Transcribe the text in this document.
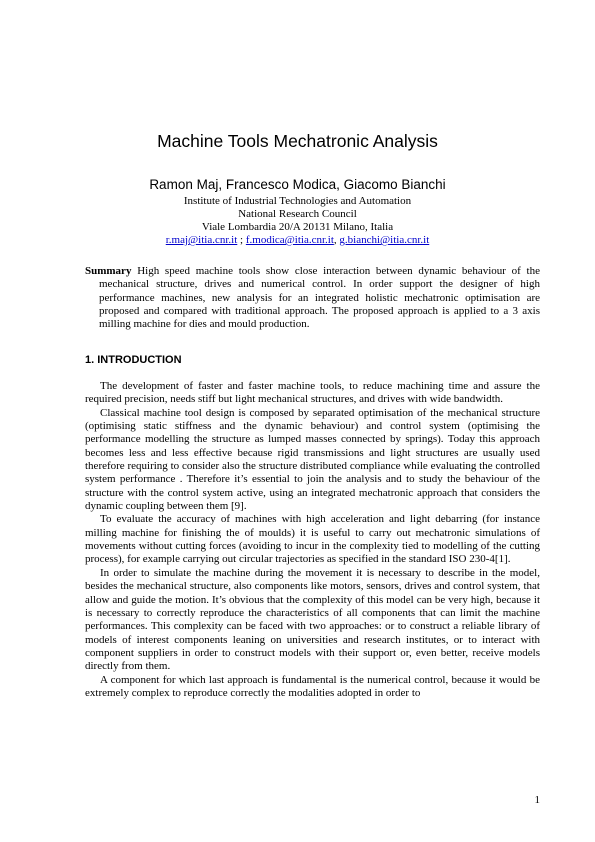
Machine Tools Mechatronic Analysis
Ramon Maj, Francesco Modica, Giacomo Bianchi
Institute of Industrial Technologies and Automation
National Research Council
Viale Lombardia 20/A 20131 Milano, Italia
r.maj@itia.cnr.it ; f.modica@itia.cnr.it, g.bianchi@itia.cnr.it
Summary High speed machine tools show close interaction between dynamic behaviour of the mechanical structure, drives and numerical control. In order support the designer of high performance machines, new analysis for an integrated holistic mechatronic optimisation are proposed and compared with traditional approach. The proposed approach is applied to a 3 axis milling machine for dies and mould production.
1. INTRODUCTION

The development of faster and faster machine tools, to reduce machining time and assure the required precision, needs stiff but light mechanical structures, and drives with wide bandwidth.

Classical machine tool design is composed by separated optimisation of the mechanical structure (optimising static stiffness and the dynamic behaviour) and control system (optimising the performance modelling the structure as lumped masses connected by springs). Today this approach becomes less and less effective because rigid transmissions and light structures are usually used therefore requiring to consider also the structure distributed compliance while evaluating the controlled system performance . Therefore it’s essential to join the analysis and to study the behaviour of the structure with the control system active, using an integrated mechatronic approach that considers the dynamic coupling between them [9].

To evaluate the accuracy of machines with high acceleration and light debarring (for instance milling machine for finishing the of moulds) it is useful to carry out mechatronic simulations of movements without cutting forces (avoiding to incur in the complexity tied to modelling of the cutting process), for example carrying out circular trajectories as specified in the standard ISO 230-4[1].

In order to simulate the machine during the movement it is necessary to describe in the model, besides the mechanical structure, also components like motors, sensors, drives and control system, that allow and guide the motion. It’s obvious that the complexity of this model can be very high, because it is necessary to correctly reproduce the characteristics of all components that can limit the machine performances. This complexity can be faced with two approaches: or to construct a reliable library of models of interest components leaning on universities and research institutes, or to interact with component suppliers in order to construct models with their support or, even better, receive models directly from them.

A component for which last approach is fundamental is the numerical control, because it would be extremely complex to reproduce correctly the modalities adopted in order to

1
